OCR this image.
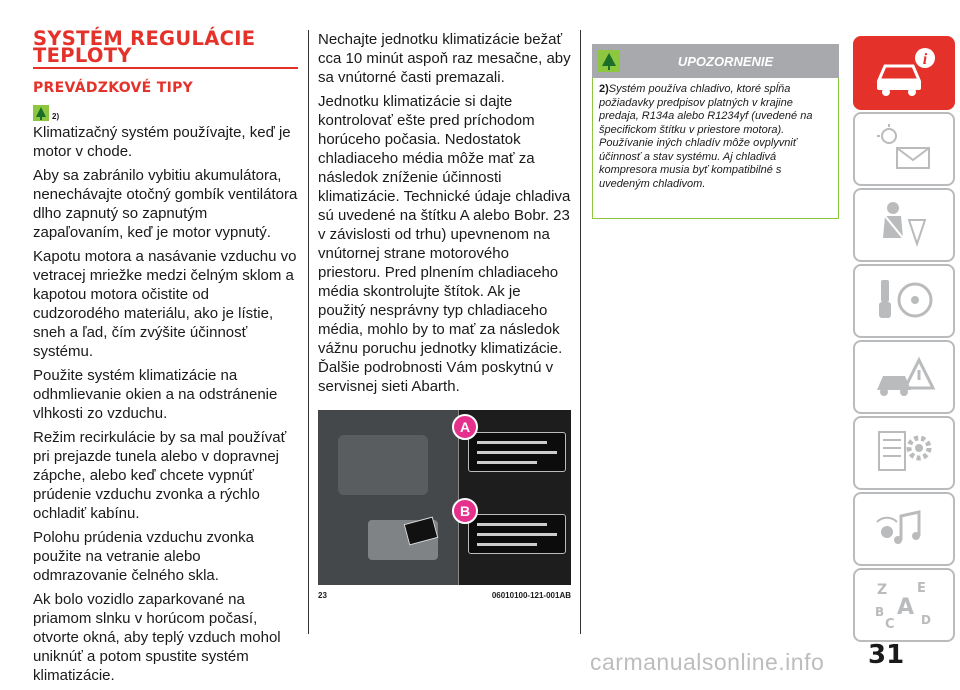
SYSTÉM REGULÁCIE
TEPLOTY
PREVÁDZKOVÉ TIPY
2)

Klimatizačný systém používajte, keď je motor v chode.

Aby sa zabránilo vybitiu akumulátora, nenechávajte otočný gombík ventilátora dlho zapnutý so zapnutým zapaľovaním, keď je motor vypnutý.

Kapotu motora a nasávanie vzduchu vo vetracej mriežke medzi čelným sklom a kapotou motora očistite od cudzorodého materiálu, ako je lístie, sneh a ľad, čím zvýšite účinnosť systému.

Použite systém klimatizácie na odhmlievanie okien a na odstránenie vlhkosti zo vzduchu.

Režim recirkulácie by sa mal používať pri prejazde tunela alebo v dopravnej zápche, alebo keď chcete vypnúť prúdenie vzduchu zvonka a rýchlo ochladiť kabínu.

Polohu prúdenia vzduchu zvonka použite na vetranie alebo odmrazovanie čelného skla.

Ak bolo vozidlo zaparkované na priamom slnku v horúcom počasí, otvorte okná, aby teplý vzduch mohol uniknúť a potom spustite systém klimatizácie.

Nechajte jednotku klimatizácie bežať cca 10 minút aspoň raz mesačne, aby sa vnútorné časti premazali.

Jednotku klimatizácie si dajte kontrolovať ešte pred príchodom horúceho počasia. Nedostatok chladiaceho média môže mať za následok zníženie účinnosti klimatizácie. Technické údaje chladiva sú uvedené na štítku A alebo Bobr. 23 v závislosti od trhu) upevnenom na vnútornej strane motorového priestoru. Pred plnením chladiaceho média skontrolujte štítok. Ak je použitý nesprávny typ chladiaceho média, mohlo by to mať za následok vážnu poruchu jednotky klimatizácie. Ďalšie podrobnosti Vám poskytnú v servisnej sieti Abarth.

A
B
23	06010100-121-001AB
UPOZORNENIE

2)Systém používa chladivo, ktoré spĺňa požiadavky predpisov platných v krajine predaja, R134a alebo R1234yf (uvedené na špecifickom štítku v priestore motora). Používanie iných chladív môže ovplyvniť účinnosť a stav systému. Aj chladivá kompresora musia byť kompatibilné s uvedeným chladivom.

i
Z E
A
B
C D
31
carmanualsonline.info
